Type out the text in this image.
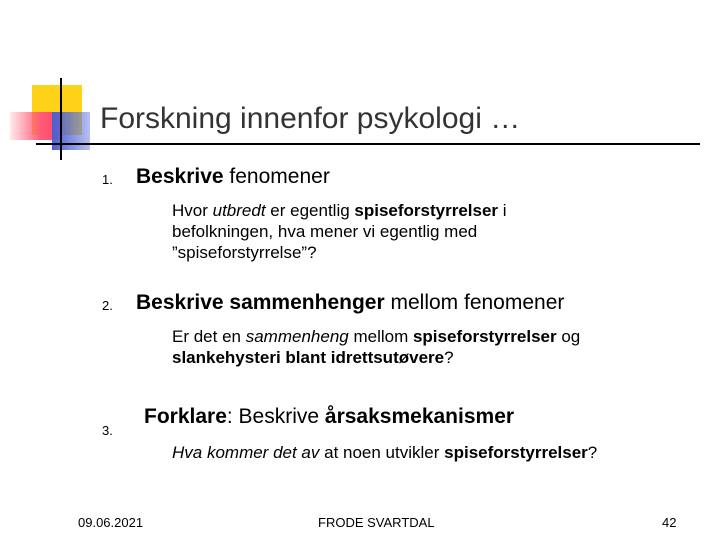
Forskning innenfor psykologi …
1. Beskrive fenomener
Hvor utbredt er egentlig spiseforstyrrelser i befolkningen, hva mener vi egentlig med ”spiseforstyrrelse”?
2. Beskrive sammenhenger mellom fenomener
Er det en sammenheng mellom spiseforstyrrelser og
slankehysteri blant idrettsutøvere?
3.
Forklare: Beskrive årsaksmekanismer
Hva kommer det av at noen utvikler spiseforstyrrelser?
09.06.2021	FRODE SVARTDAL	42
